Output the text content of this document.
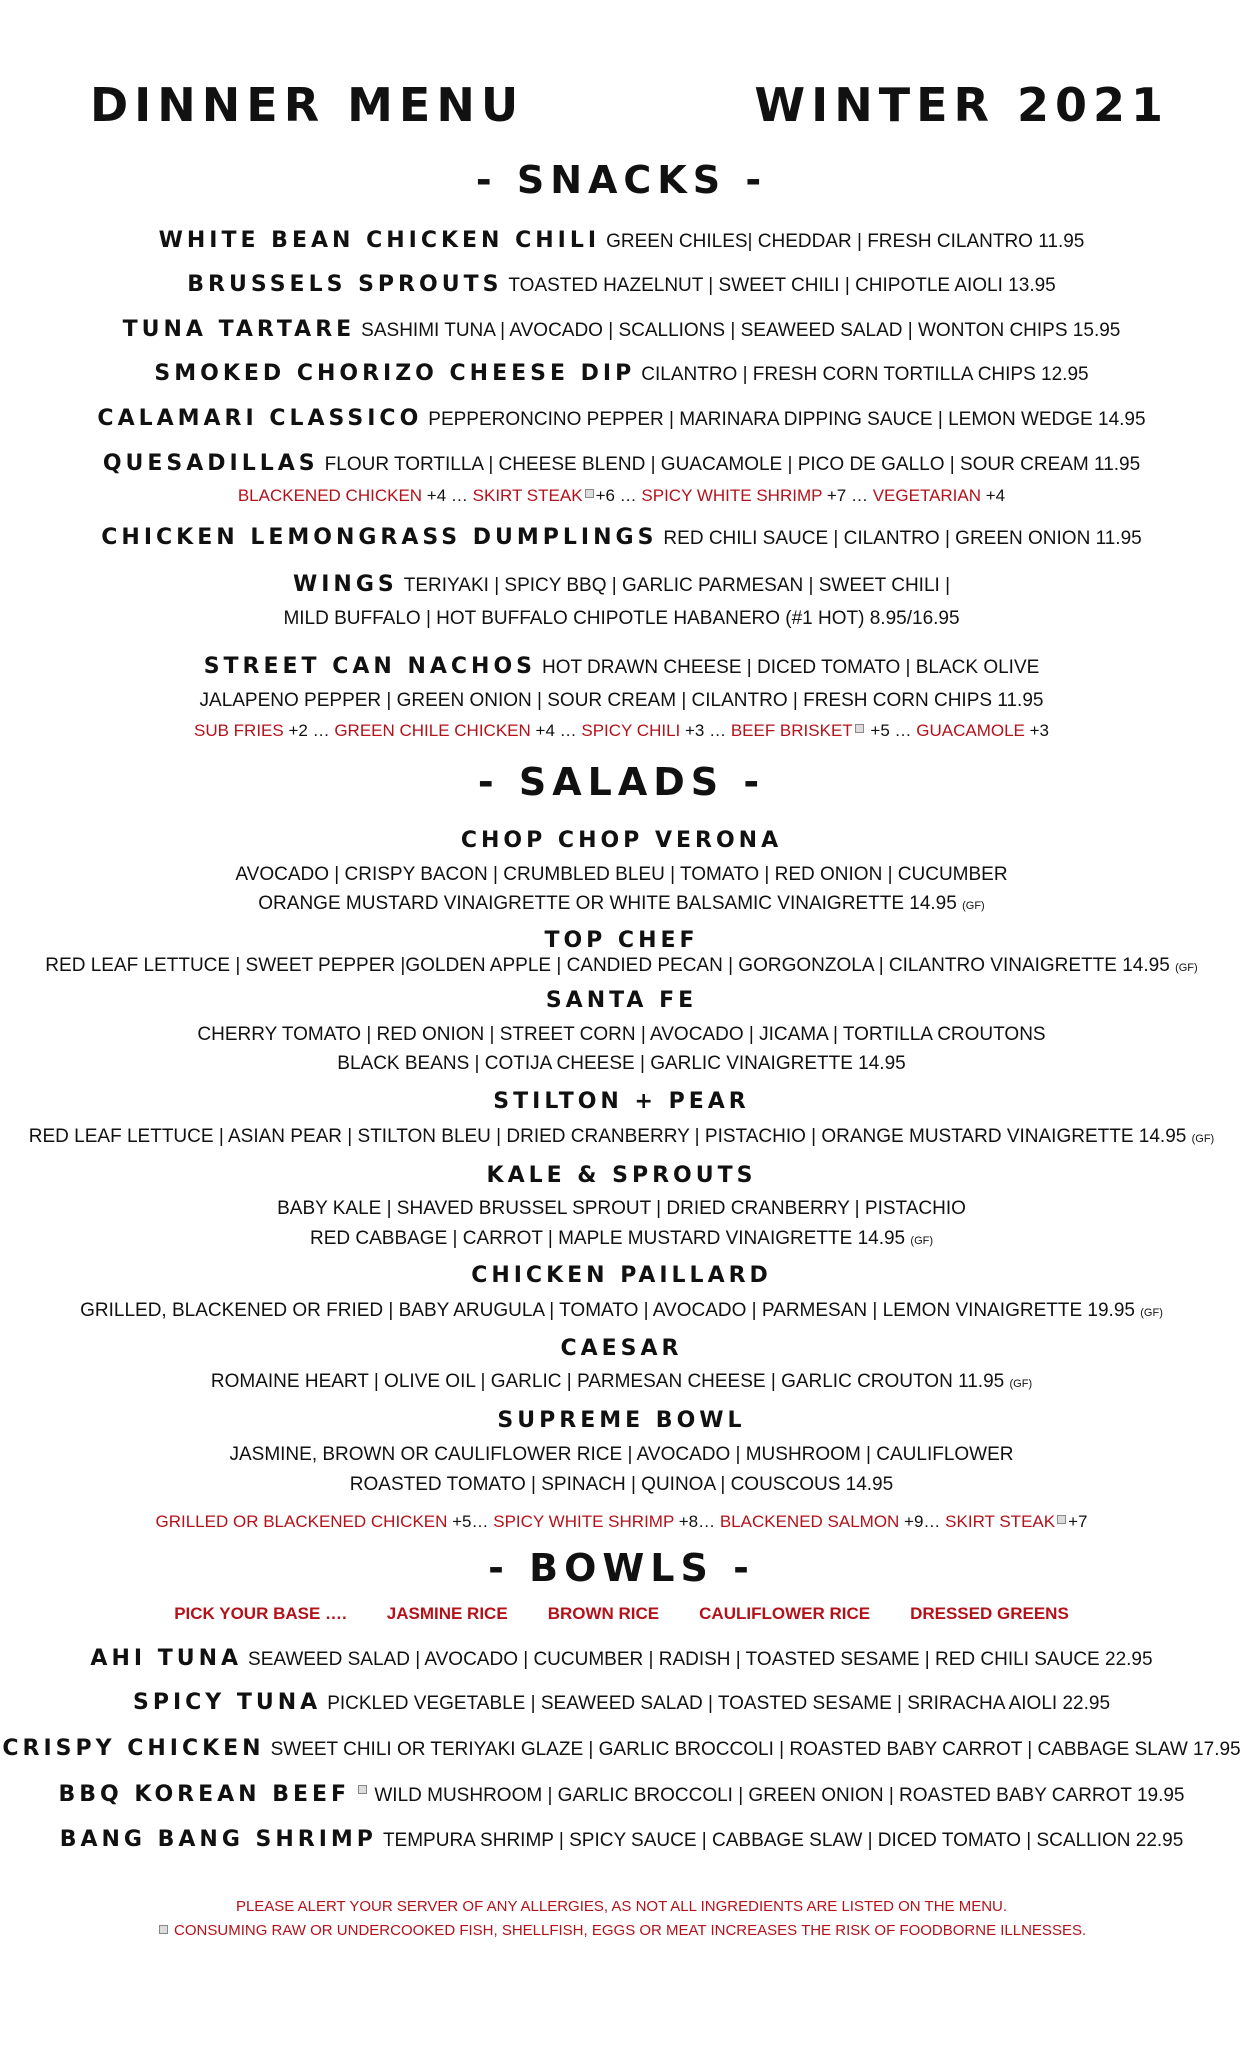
DINNER MENU	WINTER 2021
- SNACKS -
WHITE BEAN CHICKEN CHILI GREEN CHILES| CHEDDAR | FRESH CILANTRO 11.95
BRUSSELS SPROUTS TOASTED HAZELNUT | SWEET CHILI | CHIPOTLE AIOLI 13.95
TUNA TARTARE SASHIMI TUNA | AVOCADO | SCALLIONS | SEAWEED SALAD | WONTON CHIPS 15.95
SMOKED CHORIZO CHEESE DIP CILANTRO | FRESH CORN TORTILLA CHIPS 12.95
CALAMARI CLASSICO PEPPERONCINO PEPPER | MARINARA DIPPING SAUCE | LEMON WEDGE 14.95
QUESADILLAS FLOUR TORTILLA | CHEESE BLEND | GUACAMOLE | PICO DE GALLO | SOUR CREAM 11.95
BLACKENED CHICKEN +4 … SKIRT STEAK +6 … SPICY WHITE SHRIMP +7 … VEGETARIAN +4
CHICKEN LEMONGRASS DUMPLINGS RED CHILI SAUCE | CILANTRO | GREEN ONION 11.95
WINGS TERIYAKI | SPICY BBQ | GARLIC PARMESAN | SWEET CHILI |
MILD BUFFALO | HOT BUFFALO CHIPOTLE HABANERO (#1 HOT) 8.95/16.95
STREET CAN NACHOS HOT DRAWN CHEESE | DICED TOMATO | BLACK OLIVE
JALAPENO PEPPER | GREEN ONION | SOUR CREAM | CILANTRO | FRESH CORN CHIPS 11.95
SUB FRIES +2 … GREEN CHILE CHICKEN +4 … SPICY CHILI +3 … BEEF BRISKET +5 … GUACAMOLE +3
- SALADS -
CHOP CHOP VERONA
AVOCADO | CRISPY BACON | CRUMBLED BLEU | TOMATO | RED ONION | CUCUMBER
ORANGE MUSTARD VINAIGRETTE OR WHITE BALSAMIC VINAIGRETTE 14.95 (GF)
TOP CHEF
RED LEAF LETTUCE | SWEET PEPPER |GOLDEN APPLE | CANDIED PECAN | GORGONZOLA | CILANTRO VINAIGRETTE 14.95 (GF)
SANTA FE
CHERRY TOMATO | RED ONION | STREET CORN | AVOCADO | JICAMA | TORTILLA CROUTONS
BLACK BEANS | COTIJA CHEESE | GARLIC VINAIGRETTE 14.95
STILTON + PEAR
RED LEAF LETTUCE | ASIAN PEAR | STILTON BLEU | DRIED CRANBERRY | PISTACHIO | ORANGE MUSTARD VINAIGRETTE 14.95 (GF)
KALE & SPROUTS
BABY KALE | SHAVED BRUSSEL SPROUT | DRIED CRANBERRY | PISTACHIO
RED CABBAGE | CARROT | MAPLE MUSTARD VINAIGRETTE 14.95 (GF)
CHICKEN PAILLARD
GRILLED, BLACKENED OR FRIED | BABY ARUGULA | TOMATO | AVOCADO | PARMESAN | LEMON VINAIGRETTE 19.95 (GF)
CAESAR
ROMAINE HEART | OLIVE OIL | GARLIC | PARMESAN CHEESE | GARLIC CROUTON 11.95 (GF)
SUPREME BOWL
JASMINE, BROWN OR CAULIFLOWER RICE | AVOCADO | MUSHROOM | CAULIFLOWER
ROASTED TOMATO | SPINACH | QUINOA | COUSCOUS 14.95
GRILLED OR BLACKENED CHICKEN +5… SPICY WHITE SHRIMP +8… BLACKENED SALMON +9… SKIRT STEAK +7
- BOWLS -
PICK YOUR BASE …. JASMINE RICE BROWN RICE CAULIFLOWER RICE DRESSED GREENS
AHI TUNA SEAWEED SALAD | AVOCADO | CUCUMBER | RADISH | TOASTED SESAME | RED CHILI SAUCE 22.95
SPICY TUNA PICKLED VEGETABLE | SEAWEED SALAD | TOASTED SESAME | SRIRACHA AIOLI 22.95
CRISPY CHICKEN SWEET CHILI OR TERIYAKI GLAZE | GARLIC BROCCOLI | ROASTED BABY CARROT | CABBAGE SLAW 17.95
BBQ KOREAN BEEF WILD MUSHROOM | GARLIC BROCCOLI | GREEN ONION | ROASTED BABY CARROT 19.95
BANG BANG SHRIMP TEMPURA SHRIMP | SPICY SAUCE | CABBAGE SLAW | DICED TOMATO | SCALLION 22.95
PLEASE ALERT YOUR SERVER OF ANY ALLERGIES, AS NOT ALL INGREDIENTS ARE LISTED ON THE MENU.
CONSUMING RAW OR UNDERCOOKED FISH, SHELLFISH, EGGS OR MEAT INCREASES THE RISK OF FOODBORNE ILLNESSES.
